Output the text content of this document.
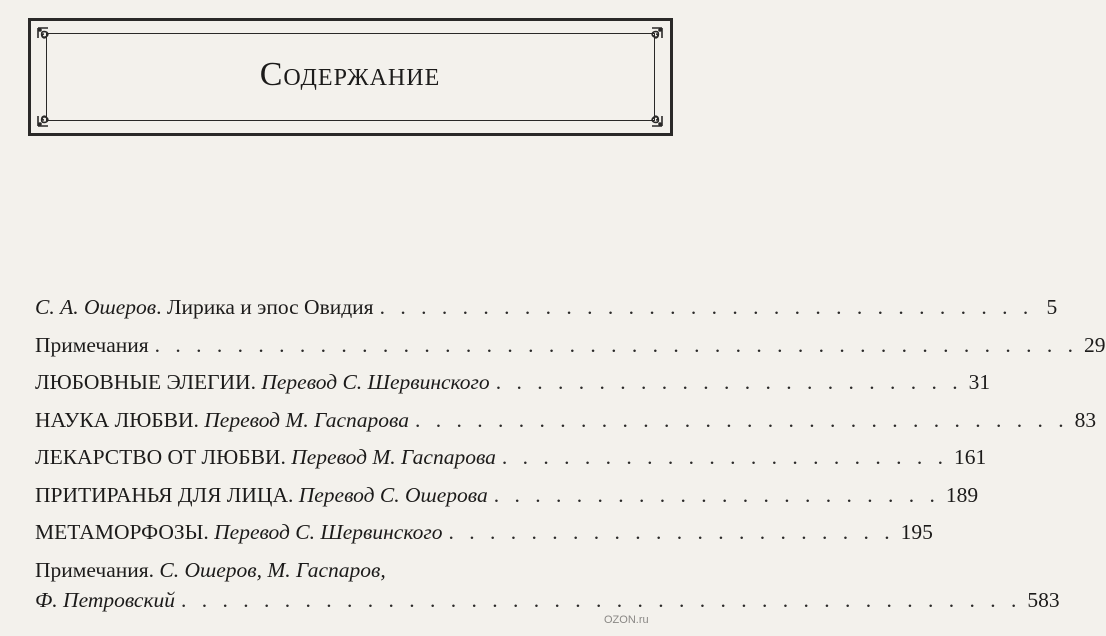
Содержание
С. А. Ошеров. Лирика и эпос Овидия . . . . . . . . . . . . . . . . . . . . . . . . . . . . . . . . 5
Примечания . . . . . . . . . . . . . . . . . . . . . . . . . . . . . . . . . . . . . . . . . . . . . 29
ЛЮБОВНЫЕ ЭЛЕГИИ. Перевод С. Шервинского . . . . . . . . . . . . . . . . . . . . . . . 31
НАУКА ЛЮБВИ. Перевод М. Гаспарова . . . . . . . . . . . . . . . . . . . . . . . . . . . . . . . . 83
ЛЕКАРСТВО ОТ ЛЮБВИ. Перевод М. Гаспарова . . . . . . . . . . . . . . . . . . . . . . 161
ПРИТИРАНЬЯ ДЛЯ ЛИЦА. Перевод С. Ошерова . . . . . . . . . . . . . . . . . . . . . . 189
МЕТАМОРФОЗЫ. Перевод С. Шервинского . . . . . . . . . . . . . . . . . . . . . . 195
Примечания. С. Ошеров, М. Гаспаров,
Ф. Петровский . . . . . . . . . . . . . . . . . . . . . . . . . . . . . . . . . . . . . . . . . 583
OZON.ru
